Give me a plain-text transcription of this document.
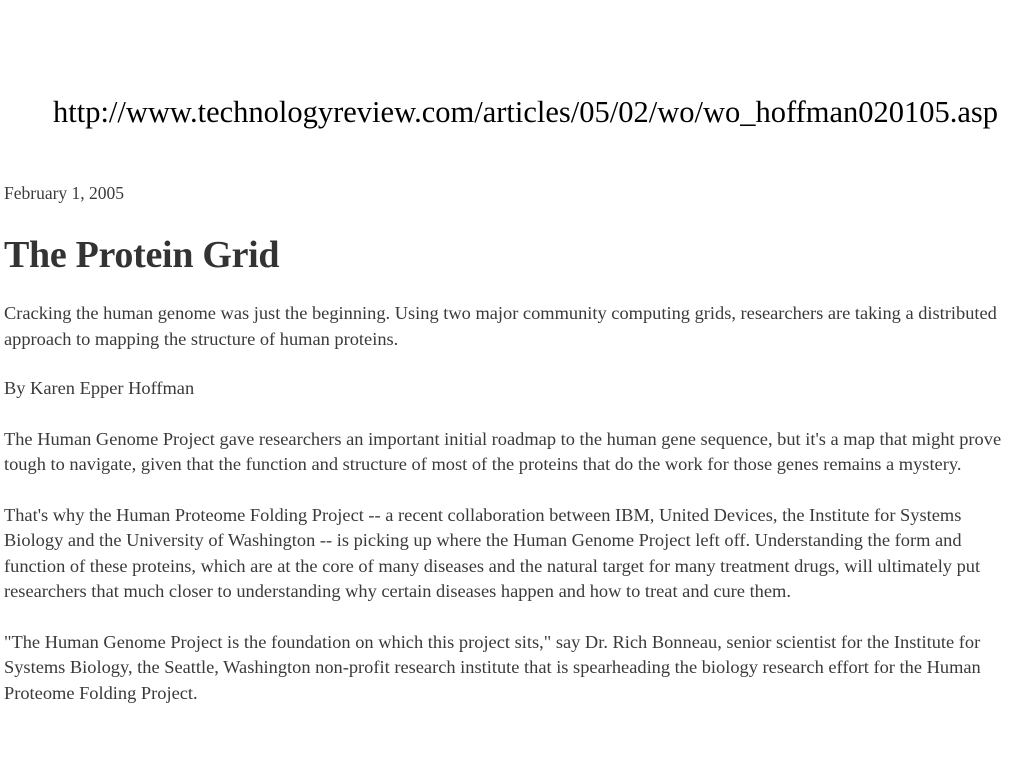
http://www.technologyreview.com/articles/05/02/wo/wo_hoffman020105.asp

February 1, 2005

The Protein Grid

Cracking the human genome was just the beginning. Using two major community computing grids, researchers are taking a distributed approach to mapping the structure of human proteins.

By Karen Epper Hoffman

The Human Genome Project gave researchers an important initial roadmap to the human gene sequence, but it's a map that might prove tough to navigate, given that the function and structure of most of the proteins that do the work for those genes remains a mystery.

That's why the Human Proteome Folding Project -- a recent collaboration between IBM, United Devices, the Institute for Systems Biology and the University of Washington -- is picking up where the Human Genome Project left off. Understanding the form and function of these proteins, which are at the core of many diseases and the natural target for many treatment drugs, will ultimately put researchers that much closer to understanding why certain diseases happen and how to treat and cure them.

"The Human Genome Project is the foundation on which this project sits," say Dr. Rich Bonneau, senior scientist for the Institute for Systems Biology, the Seattle, Washington non-profit research institute that is spearheading the biology research effort for the Human Proteome Folding Project.
